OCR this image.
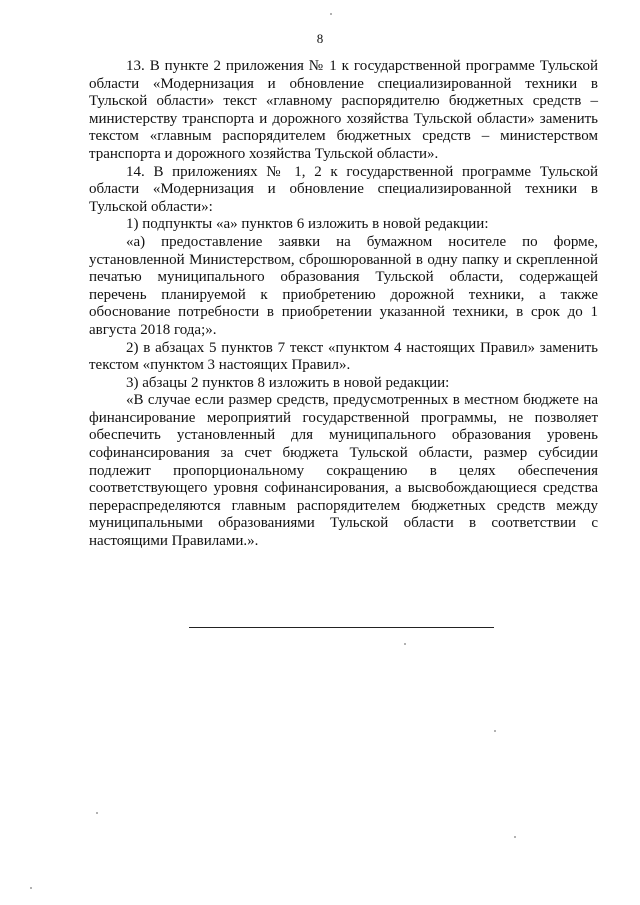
8

13. В пункте 2 приложения № 1 к государственной программе Тульской области «Модернизация и обновление специализированной техники в Тульской области» текст «главному распорядителю бюджетных средств – министерству транспорта и дорожного хозяйства Тульской области» заменить текстом «главным распорядителем бюджетных средств – министерством транспорта и дорожного хозяйства Тульской области».

14. В приложениях № 1, 2 к государственной программе Тульской области «Модернизация и обновление специализированной техники в Тульской области»:

1) подпункты «а» пунктов 6 изложить в новой редакции:

«а) предоставление заявки на бумажном носителе по форме, установленной Министерством, сброшюрованной в одну папку и скрепленной печатью муниципального образования Тульской области, содержащей перечень планируемой к приобретению дорожной техники, а также обоснование потребности в приобретении указанной техники, в срок до 1 августа 2018 года;».

2) в абзацах 5 пунктов 7 текст «пунктом 4 настоящих Правил» заменить текстом «пунктом 3 настоящих Правил».

3) абзацы 2 пунктов 8 изложить в новой редакции:

«В случае если размер средств, предусмотренных в местном бюджете на финансирование мероприятий государственной программы, не позволяет обеспечить установленный для муниципального образования уровень софинансирования за счет бюджета Тульской области, размер субсидии подлежит пропорциональному сокращению в целях обеспечения соответствующего уровня софинансирования, а высвобождающиеся средства перераспределяются главным распорядителем бюджетных средств между муниципальными образованиями Тульской области в соответствии с настоящими Правилами.».
